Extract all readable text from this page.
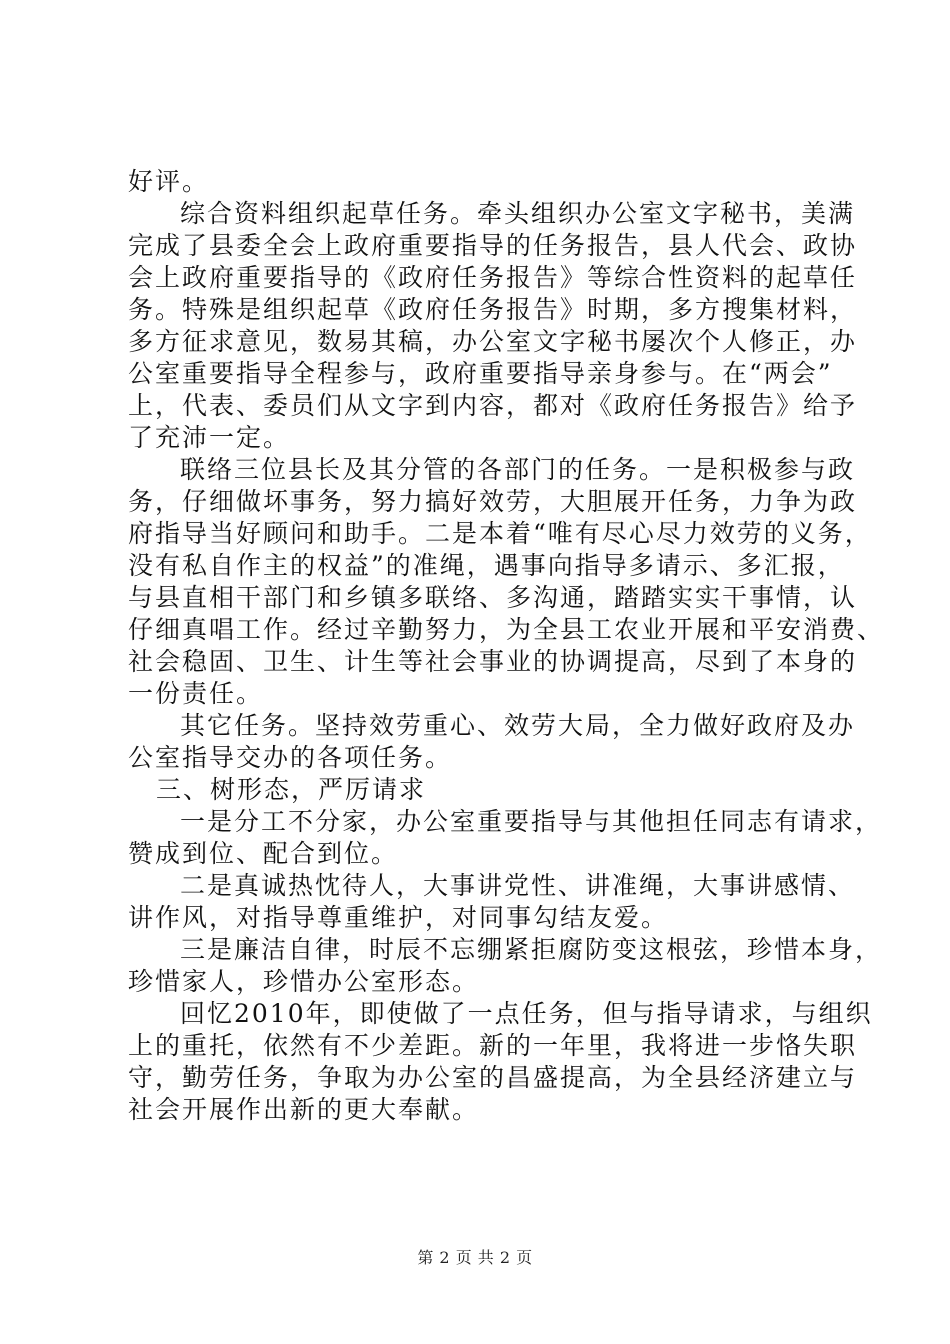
好评。
综合资料组织起草任务。牵头组织办公室文字秘书，美满
完成了县委全会上政府重要指导的任务报告，县人代会、政协
会上政府重要指导的《政府任务报告》等综合性资料的起草任
务。特殊是组织起草《政府任务报告》时期，多方搜集材料，
多方征求意见，数易其稿，办公室文字秘书屡次个人修正，办
公室重要指导全程参与，政府重要指导亲身参与。在“两会”
上，代表、委员们从文字到内容，都对《政府任务报告》给予
了充沛一定。
联络三位县长及其分管的各部门的任务。一是积极参与政
务，仔细做坏事务，努力搞好效劳，大胆展开任务，力争为政
府指导当好顾问和助手。二是本着“唯有尽心尽力效劳的义务，
没有私自作主的权益”的准绳，遇事向指导多请示、多汇报，
与县直相干部门和乡镇多联络、多沟通，踏踏实实干事情，认
仔细真唱工作。经过辛勤努力，为全县工农业开展和平安消费、
社会稳固、卫生、计生等社会事业的协调提高，尽到了本身的
一份责任。
其它任务。坚持效劳重心、效劳大局，全力做好政府及办
公室指导交办的各项任务。
三、树形态，严厉请求
一是分工不分家，办公室重要指导与其他担任同志有请求，
赞成到位、配合到位。
二是真诚热忱待人，大事讲党性、讲准绳，大事讲感情、
讲作风，对指导尊重维护，对同事勾结友爱。
三是廉洁自律，时辰不忘绷紧拒腐防变这根弦，珍惜本身，
珍惜家人，珍惜办公室形态。
回忆2010年，即使做了一点任务，但与指导请求，与组织
上的重托，依然有不少差距。新的一年里，我将进一步恪失职
守，勤劳任务，争取为办公室的昌盛提高，为全县经济建立与
社会开展作出新的更大奉献。
第 2 页 共 2 页
